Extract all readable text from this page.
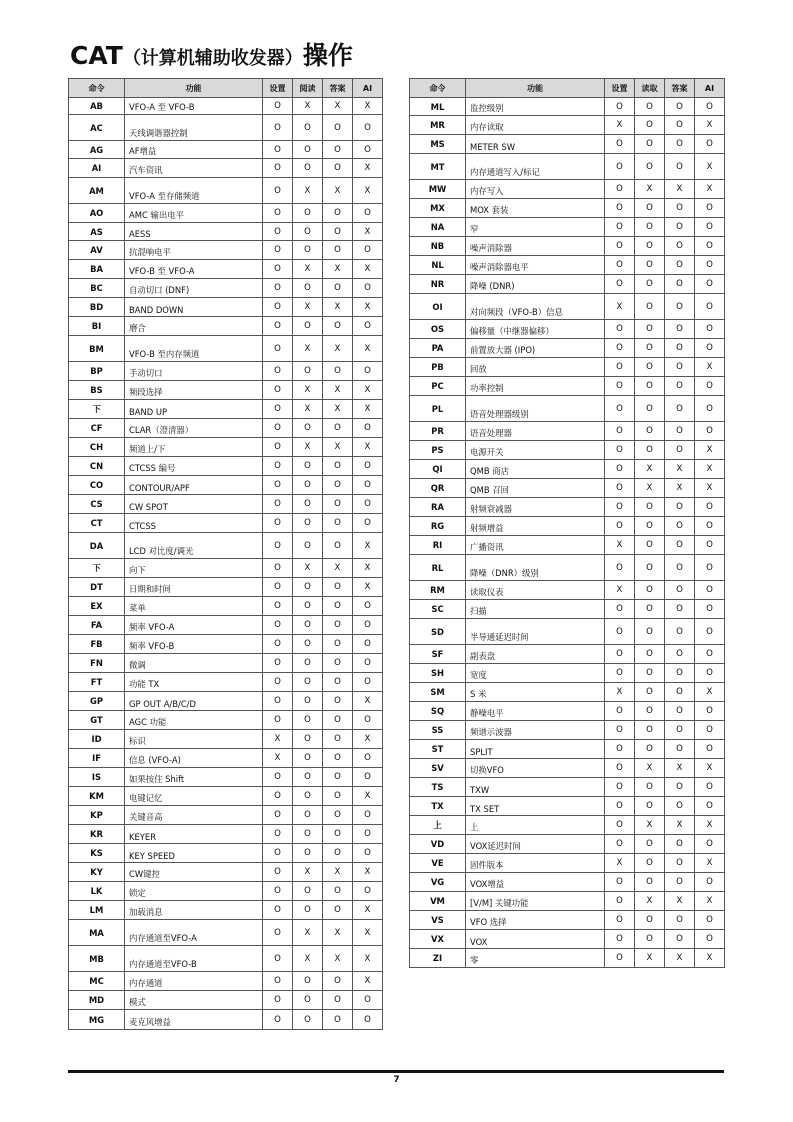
CAT（计算机辅助收发器）操作
命令	功能	设置	阅读	答案	AI
AB	VFO-A 至 VFO-B	O	X	X	X
AC	天线调谐器控制	O	O	O	O
AG	AF增益	O	O	O	O
AI	汽车资讯	O	O	O	X
AM	VFO-A 至存储频道	O	X	X	X
AO	AMC 输出电平	O	O	O	O
AS	AESS	O	O	O	X
AV	抗混响电平	O	O	O	O
BA	VFO-B 至 VFO-A	O	X	X	X
BC	自动切口 (DNF)	O	O	O	O
BD	BAND DOWN	O	X	X	X
BI	磨合	O	O	O	O
BM	VFO-B 至内存频道	O	X	X	X
BP	手动切口	O	O	O	O
BS	频段选择	O	X	X	X
下	BAND UP	O	X	X	X
CF	CLAR（澄清器）	O	O	O	O
CH	频道上/下	O	X	X	X
CN	CTCSS 编号	O	O	O	O
CO	CONTOUR/APF	O	O	O	O
CS	CW SPOT	O	O	O	O
CT	CTCSS	O	O	O	O
DA	LCD 对比度/调光	O	O	O	X
下	向下	O	X	X	X
DT	日期和时间	O	O	O	X
EX	菜单	O	O	O	O
FA	频率 VFO-A	O	O	O	O
FB	频率 VFO-B	O	O	O	O
FN	微调	O	O	O	O
FT	功能 TX	O	O	O	O
GP	GP OUT A/B/C/D	O	O	O	X
GT	AGC 功能	O	O	O	O
ID	标识	X	O	O	X
IF	信息 (VFO-A)	X	O	O	O
IS	如果按住 Shift	O	O	O	O
KM	电键记忆	O	O	O	X
KP	关键音高	O	O	O	O
KR	KEYER	O	O	O	O
KS	KEY SPEED	O	O	O	O
KY	CW键控	O	X	X	X
LK	锁定	O	O	O	O
LM	加载消息	O	O	O	X
MA	内存通道至VFO-A	O	X	X	X
MB	内存通道至VFO-B	O	X	X	X
MC	内存通道	O	O	O	X
MD	模式	O	O	O	O
MG	麦克风增益	O	O	O	O
命令	功能	设置	读取	答案	AI
ML	监控级别	O	O	O	O
MR	内存读取	X	O	O	X
MS	METER SW	O	O	O	O
MT	内存通道写入/标记	O	O	O	X
MW	内存写入	O	X	X	X
MX	MOX 套装	O	O	O	O
NA	窄	O	O	O	O
NB	噪声消除器	O	O	O	O
NL	噪声消除器电平	O	O	O	O
NR	降噪 (DNR)	O	O	O	O
OI	对向频段（VFO-B）信息	X	O	O	O
OS	偏移量（中继器偏移）	O	O	O	O
PA	前置放大器 (IPO)	O	O	O	O
PB	回放	O	O	O	X
PC	功率控制	O	O	O	O
PL	语音处理器级别	O	O	O	O
PR	语音处理器	O	O	O	O
PS	电源开关	O	O	O	X
QI	QMB 商店	O	X	X	X
QR	QMB 召回	O	X	X	X
RA	射频衰减器	O	O	O	O
RG	射频增益	O	O	O	O
RI	广播资讯	X	O	O	O
RL	降噪（DNR）级别	O	O	O	O
RM	读取仪表	X	O	O	O
SC	扫描	O	O	O	O
SD	半导通延迟时间	O	O	O	O
SF	副表盘	O	O	O	O
SH	宽度	O	O	O	O
SM	S 米	X	O	O	X
SQ	静噪电平	O	O	O	O
SS	频谱示波器	O	O	O	O
ST	SPLIT	O	O	O	O
SV	切换VFO	O	X	X	X
TS	TXW	O	O	O	O
TX	TX SET	O	O	O	O
上	上	O	X	X	X
VD	VOX延迟时间	O	O	O	O
VE	固件版本	X	O	O	X
VG	VOX增益	O	O	O	O
VM	[V/M] 关键功能	O	X	X	X
VS	VFO 选择	O	O	O	O
VX	VOX	O	O	O	O
ZI	零	O	X	X	X
7
